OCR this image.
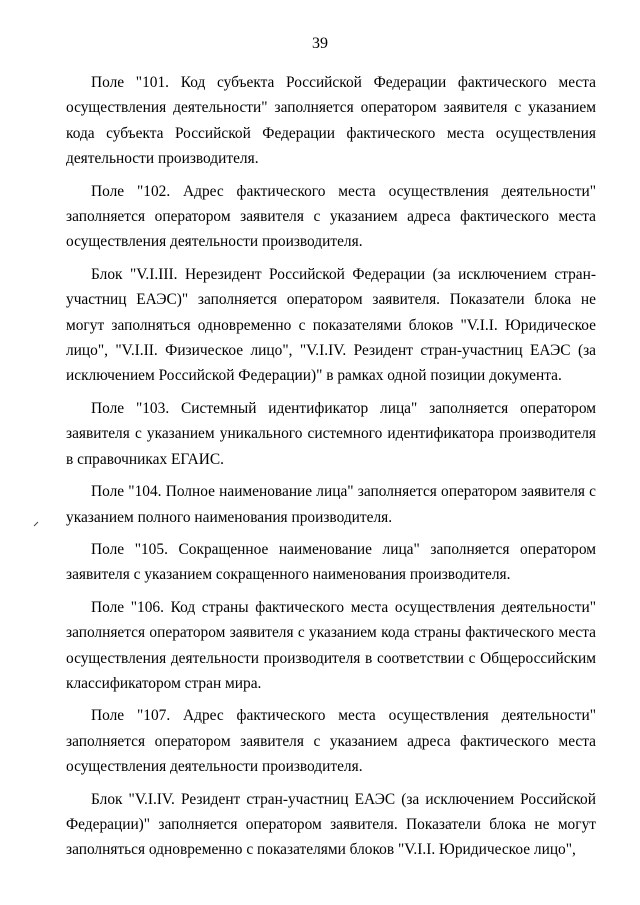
39

Поле "101. Код субъекта Российской Федерации фактического места осуществления деятельности" заполняется оператором заявителя с указанием кода субъекта Российской Федерации фактического места осуществления деятельности производителя.

Поле "102. Адрес фактического места осуществления деятельности" заполняется оператором заявителя с указанием адреса фактического места осуществления деятельности производителя.

Блок "V.I.III. Нерезидент Российской Федерации (за исключением стран-участниц ЕАЭС)" заполняется оператором заявителя. Показатели блока не могут заполняться одновременно с показателями блоков "V.I.I. Юридическое лицо", "V.I.II. Физическое лицо", "V.I.IV. Резидент стран-участниц ЕАЭС (за исключением Российской Федерации)" в рамках одной позиции документа.

Поле "103. Системный идентификатор лица" заполняется оператором заявителя с указанием уникального системного идентификатора производителя в справочниках ЕГАИС.

Поле "104. Полное наименование лица" заполняется оператором заявителя с указанием полного наименования производителя.

Поле "105. Сокращенное наименование лица" заполняется оператором заявителя с указанием сокращенного наименования производителя.

Поле "106. Код страны фактического места осуществления деятельности" заполняется оператором заявителя с указанием кода страны фактического места осуществления деятельности производителя в соответствии с Общероссийским классификатором стран мира.

Поле "107. Адрес фактического места осуществления деятельности" заполняется оператором заявителя с указанием адреса фактического места осуществления деятельности производителя.

Блок "V.I.IV. Резидент стран-участниц ЕАЭС (за исключением Российской Федерации)" заполняется оператором заявителя. Показатели блока не могут заполняться одновременно с показателями блоков "V.I.I. Юридическое лицо",
